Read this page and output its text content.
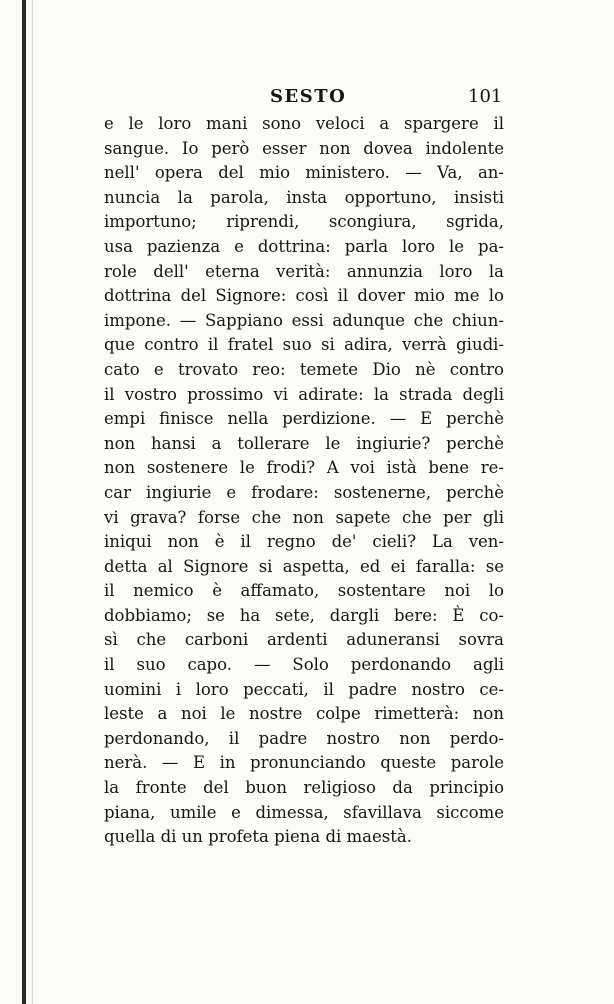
SESTO	101
e le loro mani sono veloci a spargere il
sangue. Io però esser non dovea indolente
nell' opera del mio ministero. — Va, an-
nuncia la parola, insta opportuno, insisti
importuno; riprendi, scongiura, sgrida,
usa pazienza e dottrina: parla loro le pa-
role dell' eterna verità: annunzia loro la
dottrina del Signore: così il dover mio me lo
impone. — Sappiano essi adunque che chiun-
que contro il fratel suo si adira, verrà giudi-
cato e trovato reo: temete Dio nè contro
il vostro prossimo vi adirate: la strada degli
empi finisce nella perdizione. — E perchè
non hansi a tollerare le ingiurie? perchè
non sostenere le frodi? A voi istà bene re-
car ingiurie e frodare: sostenerne, perchè
vi grava? forse che non sapete che per gli
iniqui non è il regno de' cieli? La ven-
detta al Signore si aspetta, ed ei faralla: se
il nemico è affamato, sostentare noi lo
dobbiamo; se ha sete, dargli bere: È co-
sì che carboni ardenti aduneransi sovra
il suo capo. — Solo perdonando agli
uomini i loro peccati, il padre nostro ce-
leste a noi le nostre colpe rimetterà: non
perdonando, il padre nostro non perdo-
nerà. — E in pronunciando queste parole
la fronte del buon religioso da principio
piana, umile e dimessa, sfavillava siccome
quella di un profeta piena di maestà.
